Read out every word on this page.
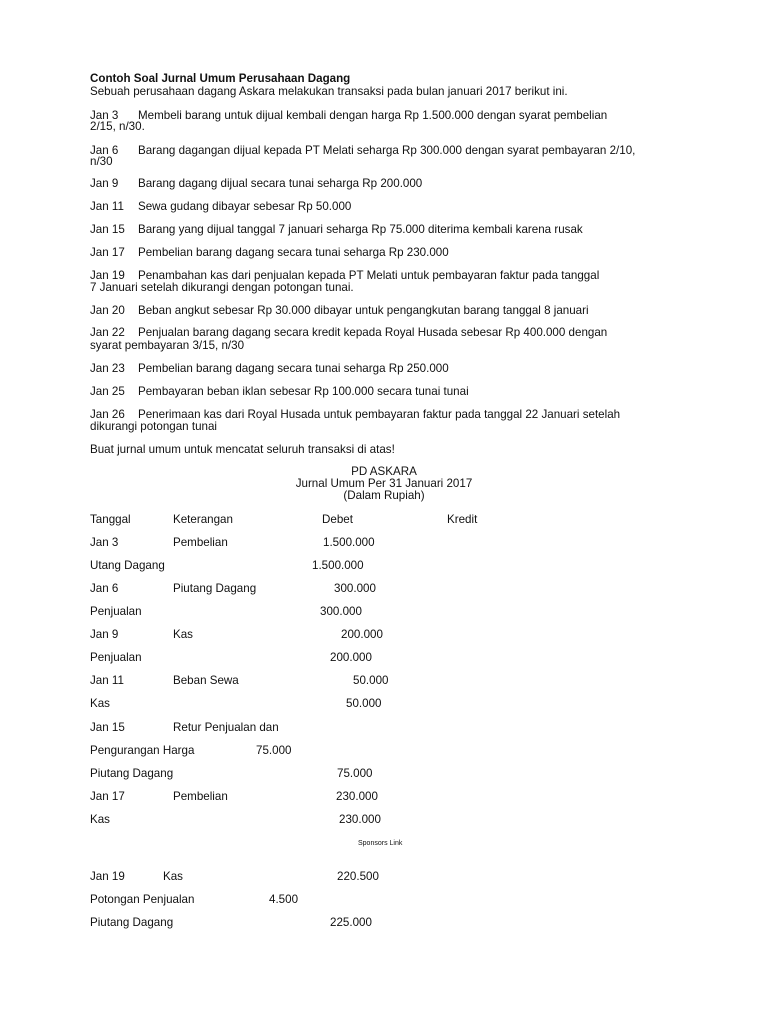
Contoh Soal Jurnal Umum Perusahaan Dagang
Sebuah perusahaan dagang Askara melakukan transaksi pada bulan januari 2017 berikut ini.
Jan 3 Membeli barang untuk dijual kembali dengan harga Rp 1.500.000 dengan syarat pembelian
2/15, n/30.
Jan 6 Barang dagangan dijual kepada PT Melati seharga Rp 300.000 dengan syarat pembayaran 2/10,
n/30
Jan 9 Barang dagang dijual secara tunai seharga Rp 200.000
Jan 11 Sewa gudang dibayar sebesar Rp 50.000
Jan 15 Barang yang dijual tanggal 7 januari seharga Rp 75.000 diterima kembali karena rusak
Jan 17 Pembelian barang dagang secara tunai seharga Rp 230.000
Jan 19 Penambahan kas dari penjualan kepada PT Melati untuk pembayaran faktur pada tanggal
7 Januari setelah dikurangi dengan potongan tunai.
Jan 20 Beban angkut sebesar Rp 30.000 dibayar untuk pengangkutan barang tanggal 8 januari
Jan 22 Penjualan barang dagang secara kredit kepada Royal Husada sebesar Rp 400.000 dengan
syarat pembayaran 3/15, n/30
Jan 23 Pembelian barang dagang secara tunai seharga Rp 250.000
Jan 25 Pembayaran beban iklan sebesar Rp 100.000 secara tunai tunai
Jan 26 Penerimaan kas dari Royal Husada untuk pembayaran faktur pada tanggal 22 Januari setelah
dikurangi potongan tunai
Buat jurnal umum untuk mencatat seluruh transaksi di atas!
PD ASKARA
Jurnal Umum Per 31 Januari 2017
(Dalam Rupiah)
Tanggal	Keterangan	Debet	Kredit
Jan 3	Pembelian	1.500.000
Utang Dagang	1.500.000
Jan 6	Piutang Dagang	300.000
Penjualan	300.000
Jan 9	Kas	200.000
Penjualan	200.000
Jan 11	Beban Sewa	50.000
Kas	50.000
Jan 15	Retur Penjualan dan
Pengurangan Harga	75.000
Piutang Dagang	75.000
Jan 17	Pembelian	230.000
Kas	230.000
Sponsors Link
Jan 19	Kas	220.500
Potongan Penjualan	4.500
Piutang Dagang	225.000
